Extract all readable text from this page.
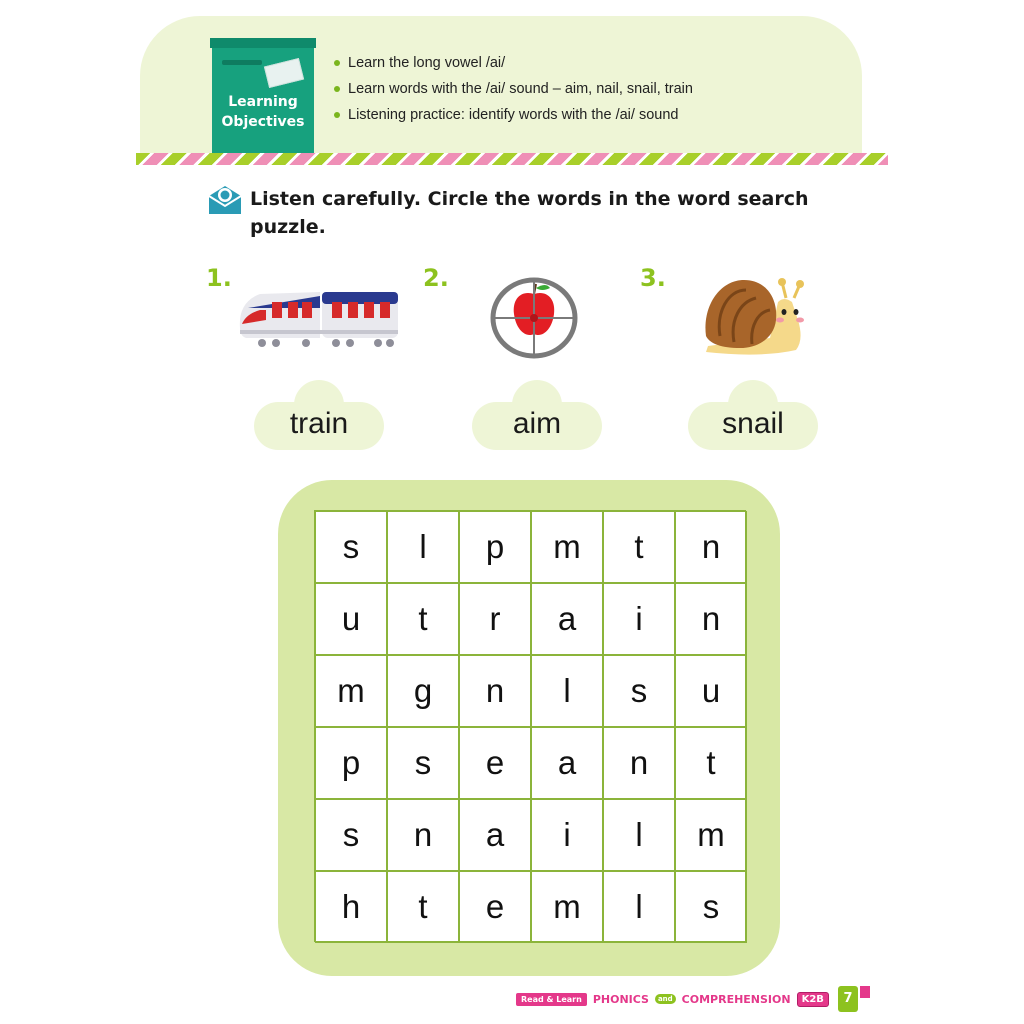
Learning
Objectives
Learn the long vowel /ai/
Learn words with the /ai/ sound – aim, nail, snail, train
Listening practice: identify words with the /ai/ sound
Listen carefully. Circle the words in the word search
puzzle.
1.
train
2.
aim
3.
snail
s	l	p	m	t	n
u	t	r	a	i	n
m	g	n	l	s	u
p	s	e	a	n	t
s	n	a	i	l	m
h	t	e	m	l	s
Read & Learn	PHONICS	and COMPREHENSION	K2B	7
